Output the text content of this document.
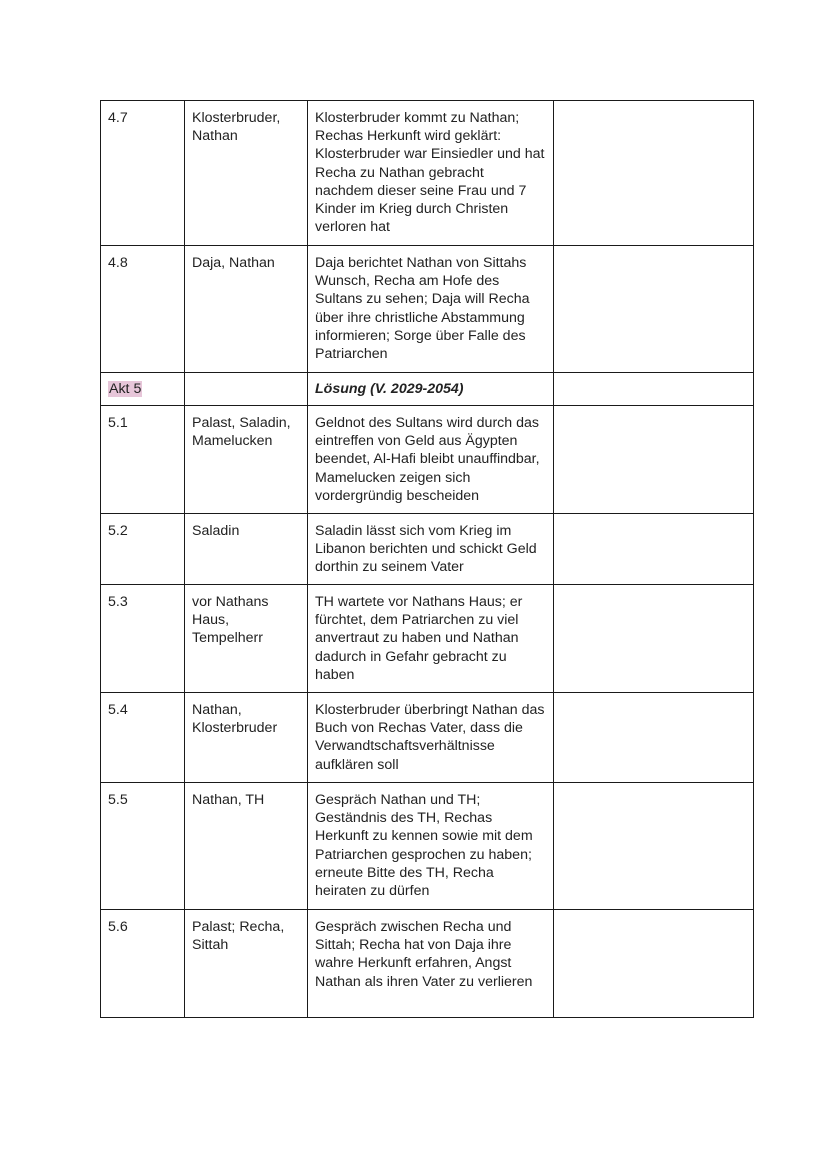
4.7	Klosterbruder, Nathan	Klosterbruder kommt zu Nathan; Rechas Herkunft wird geklärt: Klosterbruder war Einsiedler und hat Recha zu Nathan gebracht nachdem dieser seine Frau und 7 Kinder im Krieg durch Christen verloren hat	
4.8	Daja, Nathan	Daja berichtet Nathan von Sittahs Wunsch, Recha am Hofe des Sultans zu sehen; Daja will Recha über ihre christliche Abstammung informieren; Sorge über Falle des Patriarchen	
Akt 5		Lösung (V. 2029-2054)	
5.1	Palast, Saladin, Mamelucken	Geldnot des Sultans wird durch das eintreffen von Geld aus Ägypten beendet, Al-Hafi bleibt unauffindbar, Mamelucken zeigen sich vordergründig bescheiden	
5.2	Saladin	Saladin lässt sich vom Krieg im Libanon berichten und schickt Geld dorthin zu seinem Vater	
5.3	vor Nathans Haus, Tempelherr	TH wartete vor Nathans Haus; er fürchtet, dem Patriarchen zu viel anvertraut zu haben und Nathan dadurch in Gefahr gebracht zu haben	
5.4	Nathan, Klosterbruder	Klosterbruder überbringt Nathan das Buch von Rechas Vater, dass die Verwandtschaftsverhältnisse aufklären soll	
5.5	Nathan, TH	Gespräch Nathan und TH; Geständnis des TH, Rechas Herkunft zu kennen sowie mit dem Patriarchen gesprochen zu haben; erneute Bitte des TH, Recha heiraten zu dürfen	
5.6	Palast; Recha, Sittah	Gespräch zwischen Recha und Sittah; Recha hat von Daja ihre wahre Herkunft erfahren, Angst Nathan als ihren Vater zu verlieren	
